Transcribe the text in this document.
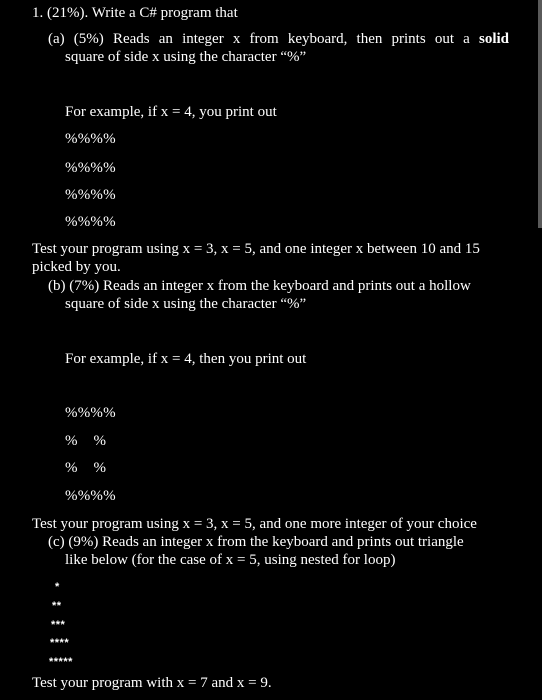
1. (21%). Write a C# program that
(a) (5%) Reads an integer x from keyboard, then prints out a solid
square of side x using the character “%”
For example, if x = 4, you print out
%%%%
%%%%
%%%%
%%%%
Test your program using x = 3, x = 5, and one integer x between 10 and 15
picked by you.
(b) (7%) Reads an integer x from the keyboard and prints out a hollow
square of side x using the character “%”
For example, if x = 4, then you print out
%%%%
%    %
%    %
%%%%
Test your program using x = 3, x = 5, and one more integer of your choice
(c) (9%) Reads an integer x from the keyboard and prints out triangle
like below (for the case of x = 5, using nested for loop)
*
**
***
****
*****
Test your program with x = 7 and x = 9.
